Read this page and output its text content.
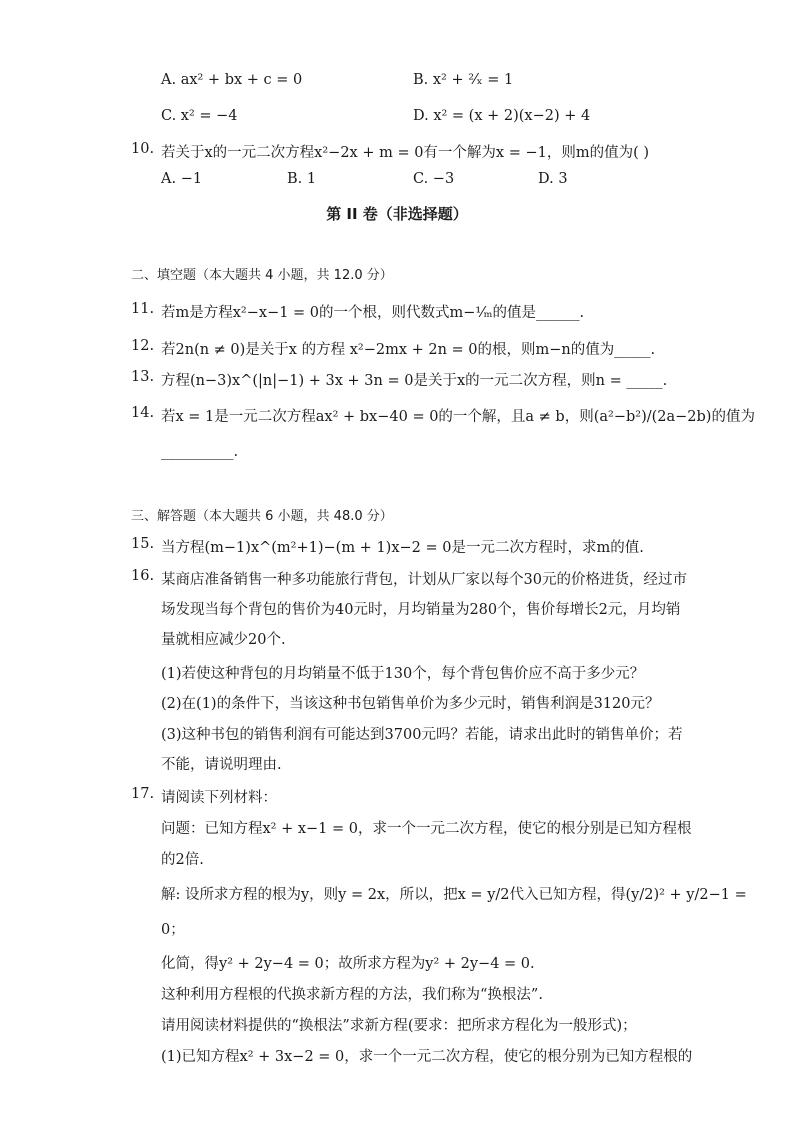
A. ax² + bx + c = 0	B. x² + ²⁄ₓ = 1
C. x² = −4	D. x² = (x + 2)(x−2) + 4
10. 若关于x的一元二次方程x²−2x + m = 0有一个解为x = −1，则m的值为( )
A. −1	B. 1	C. −3	D. 3
第 II 卷（非选择题）
二、填空题（本大题共 4 小题，共 12.0 分）
11. 若m是方程x²−x−1 = 0的一个根，则代数式m−¹⁄ₘ的值是______.
12. 若2n(n ≠ 0)是关于x 的方程 x²−2mx + 2n = 0的根，则m−n的值为_____.
13. 方程(n−3)x^(|n|−1) + 3x + 3n = 0是关于x的一元二次方程，则n = _____.
14. 若x = 1是一元二次方程ax² + bx−40 = 0的一个解，且a ≠ b，则(a²−b²)/(2a−2b)的值为
__________.
三、解答题（本大题共 6 小题，共 48.0 分）
15. 当方程(m−1)x^(m²+1)−(m + 1)x−2 = 0是一元二次方程时，求m的值.
16. 某商店准备销售一种多功能旅行背包，计划从厂家以每个30元的价格进货，经过市
场发现当每个背包的售价为40元时，月均销量为280个，售价每增长2元，月均销
量就相应减少20个.
(1)若使这种背包的月均销量不低于130个，每个背包售价应不高于多少元？
(2)在(1)的条件下，当该这种书包销售单价为多少元时，销售利润是3120元？
(3)这种书包的销售利润有可能达到3700元吗？若能，请求出此时的销售单价；若
不能，请说明理由.
17. 请阅读下列材料：
问题：已知方程x² + x−1 = 0，求一个一元二次方程，使它的根分别是已知方程根
的2倍.
解: 设所求方程的根为y，则y = 2x，所以，把x = y/2代入已知方程，得(y/2)² + y/2−1 =
0；
化简，得y² + 2y−4 = 0；故所求方程为y² + 2y−4 = 0.
这种利用方程根的代换求新方程的方法，我们称为“换根法”.
请用阅读材料提供的“换根法”求新方程(要求：把所求方程化为一般形式)；
(1)已知方程x² + 3x−2 = 0，求一个一元二次方程，使它的根分别为已知方程根的
